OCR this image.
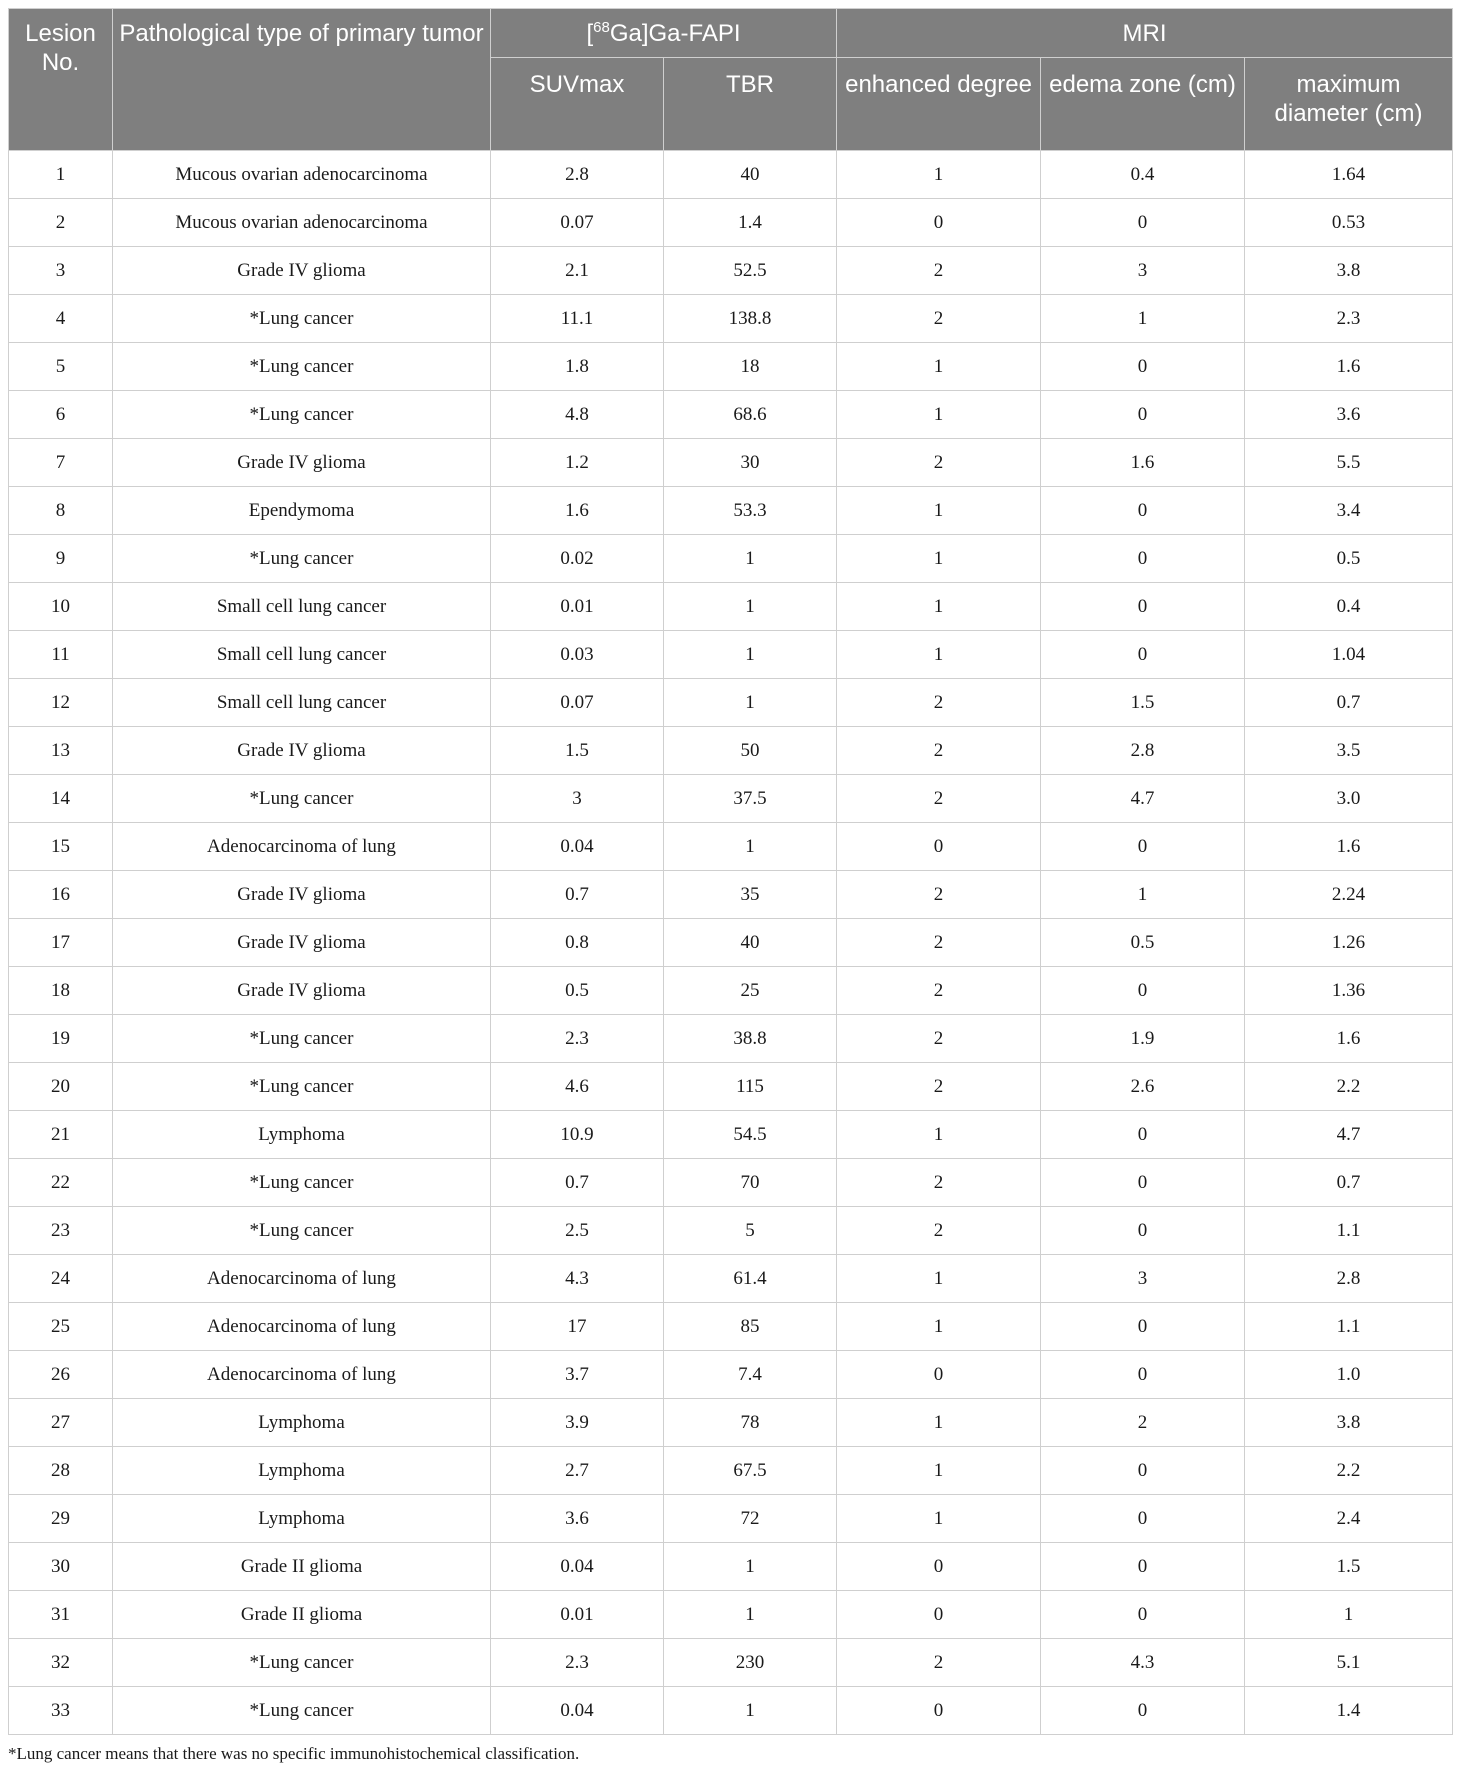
Lesion No.	Pathological type of primary tumor	[$^{68}$Ga]Ga-FAPI		MRI		
		SUVmax	TBR	enhanced degree	edema zone (cm)	maximum diameter (cm)
1	Mucous ovarian adenocarcinoma	2.8	40	1	0.4	1.64
2	Mucous ovarian adenocarcinoma	0.07	1.4	0	0	0.53
3	Grade IV glioma	2.1	52.5	2	3	3.8
4	*Lung cancer	11.1	138.8	2	1	2.3
5	*Lung cancer	1.8	18	1	0	1.6
6	*Lung cancer	4.8	68.6	1	0	3.6
7	Grade IV glioma	1.2	30	2	1.6	5.5
8	Ependymoma	1.6	53.3	1	0	3.4
9	*Lung cancer	0.02	1	1	0	0.5
10	Small cell lung cancer	0.01	1	1	0	0.4
11	Small cell lung cancer	0.03	1	1	0	1.04
12	Small cell lung cancer	0.07	1	2	1.5	0.7
13	Grade IV glioma	1.5	50	2	2.8	3.5
14	*Lung cancer	3	37.5	2	4.7	3.0
15	Adenocarcinoma of lung	0.04	1	0	0	1.6
16	Grade IV glioma	0.7	35	2	1	2.24
17	Grade IV glioma	0.8	40	2	0.5	1.26
18	Grade IV glioma	0.5	25	2	0	1.36
19	*Lung cancer	2.3	38.8	2	1.9	1.6
20	*Lung cancer	4.6	115	2	2.6	2.2
21	Lymphoma	10.9	54.5	1	0	4.7
22	*Lung cancer	0.7	70	2	0	0.7
23	*Lung cancer	2.5	5	2	0	1.1
24	Adenocarcinoma of lung	4.3	61.4	1	3	2.8
25	Adenocarcinoma of lung	17	85	1	0	1.1
26	Adenocarcinoma of lung	3.7	7.4	0	0	1.0
27	Lymphoma	3.9	78	1	2	3.8
28	Lymphoma	2.7	67.5	1	0	2.2
29	Lymphoma	3.6	72	1	0	2.4
30	Grade II glioma	0.04	1	0	0	1.5
31	Grade II glioma	0.01	1	0	0	1
32	*Lung cancer	2.3	230	2	4.3	5.1
33	*Lung cancer	0.04	1	0	0	1.4
*Lung cancer means that there was no specific immunohistochemical classification.
